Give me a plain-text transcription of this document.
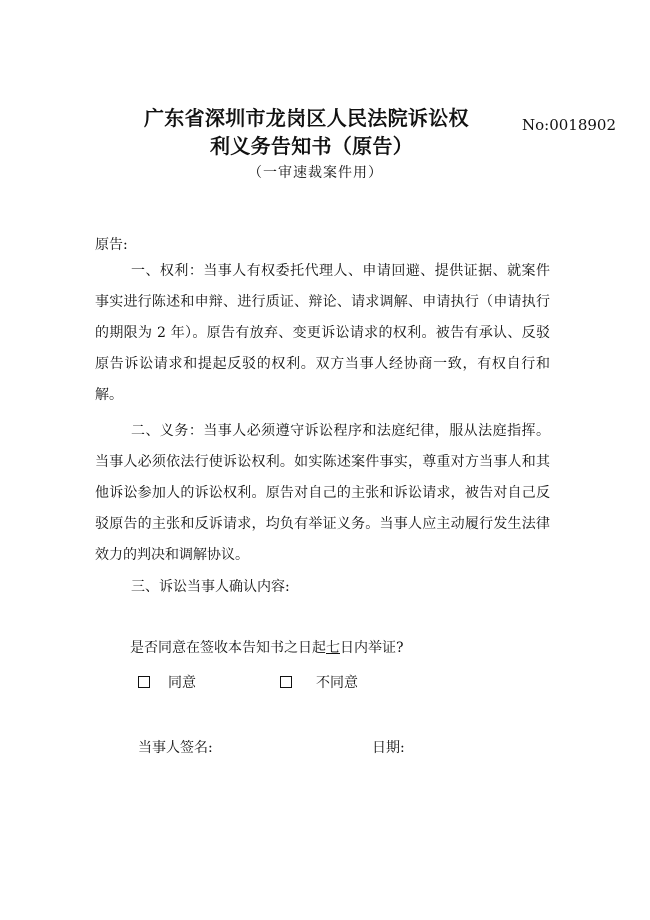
广东省深圳市龙岗区人民法院诉讼权
利义务告知书（原告）
No:0018902
（一审速裁案件用）
原告:

一、权利：当事人有权委托代理人、申请回避、提供证据、就案件事实进行陈述和申辩、进行质证、辩论、请求调解、申请执行（申请执行的期限为 2 年）。原告有放弃、变更诉讼请求的权利。被告有承认、反驳原告诉讼请求和提起反驳的权利。双方当事人经协商一致，有权自行和解。

二、义务：当事人必须遵守诉讼程序和法庭纪律，服从法庭指挥。当事人必须依法行使诉讼权利。如实陈述案件事实，尊重对方当事人和其他诉讼参加人的诉讼权利。原告对自己的主张和诉讼请求，被告对自己反驳原告的主张和反诉请求，均负有举证义务。当事人应主动履行发生法律效力的判决和调解协议。

三、诉讼当事人确认内容:

是否同意在签收本告知书之日起七日内举证?
同意	不同意
当事人签名:	日期:
